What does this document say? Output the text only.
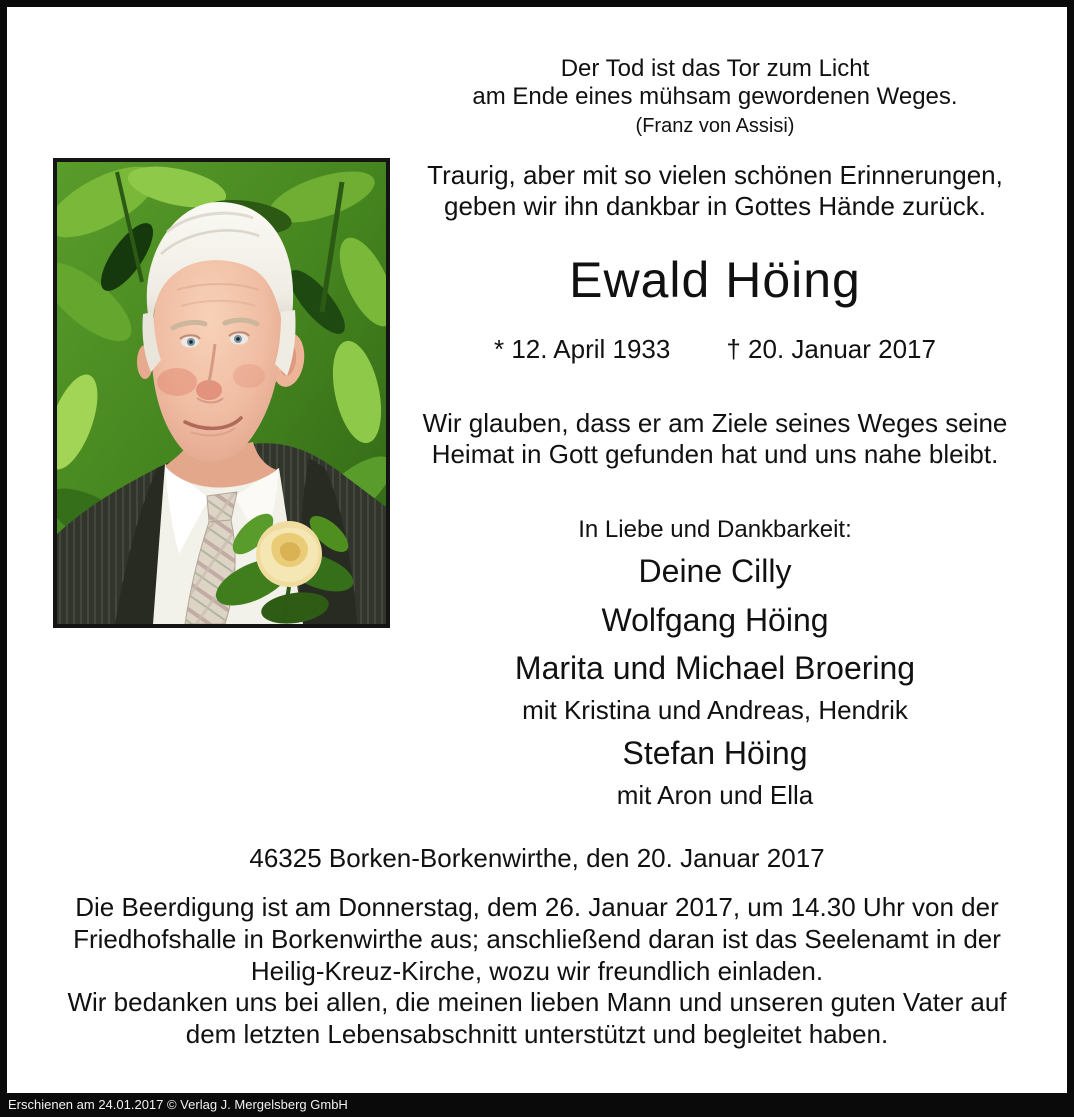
Der Tod ist das Tor zum Licht
am Ende eines mühsam gewordenen Weges.
(Franz von Assisi)
Traurig, aber mit so vielen schönen Erinnerungen,
geben wir ihn dankbar in Gottes Hände zurück.
Ewald Höing
* 12. April 1933 † 20. Januar 2017
Wir glauben, dass er am Ziele seines Weges seine
Heimat in Gott gefunden hat und uns nahe bleibt.
In Liebe und Dankbarkeit:
Deine Cilly
Wolfgang Höing
Marita und Michael Broering
mit Kristina und Andreas, Hendrik
Stefan Höing
mit Aron und Ella
46325 Borken-Borkenwirthe, den 20. Januar 2017
Die Beerdigung ist am Donnerstag, dem 26. Januar 2017, um 14.30 Uhr von der
Friedhofshalle in Borkenwirthe aus; anschließend daran ist das Seelenamt in der
Heilig-Kreuz-Kirche, wozu wir freundlich einladen.
Wir bedanken uns bei allen, die meinen lieben Mann und unseren guten Vater auf
dem letzten Lebensabschnitt unterstützt und begleitet haben.
Erschienen am 24.01.2017 © Verlag J. Mergelsberg GmbH
